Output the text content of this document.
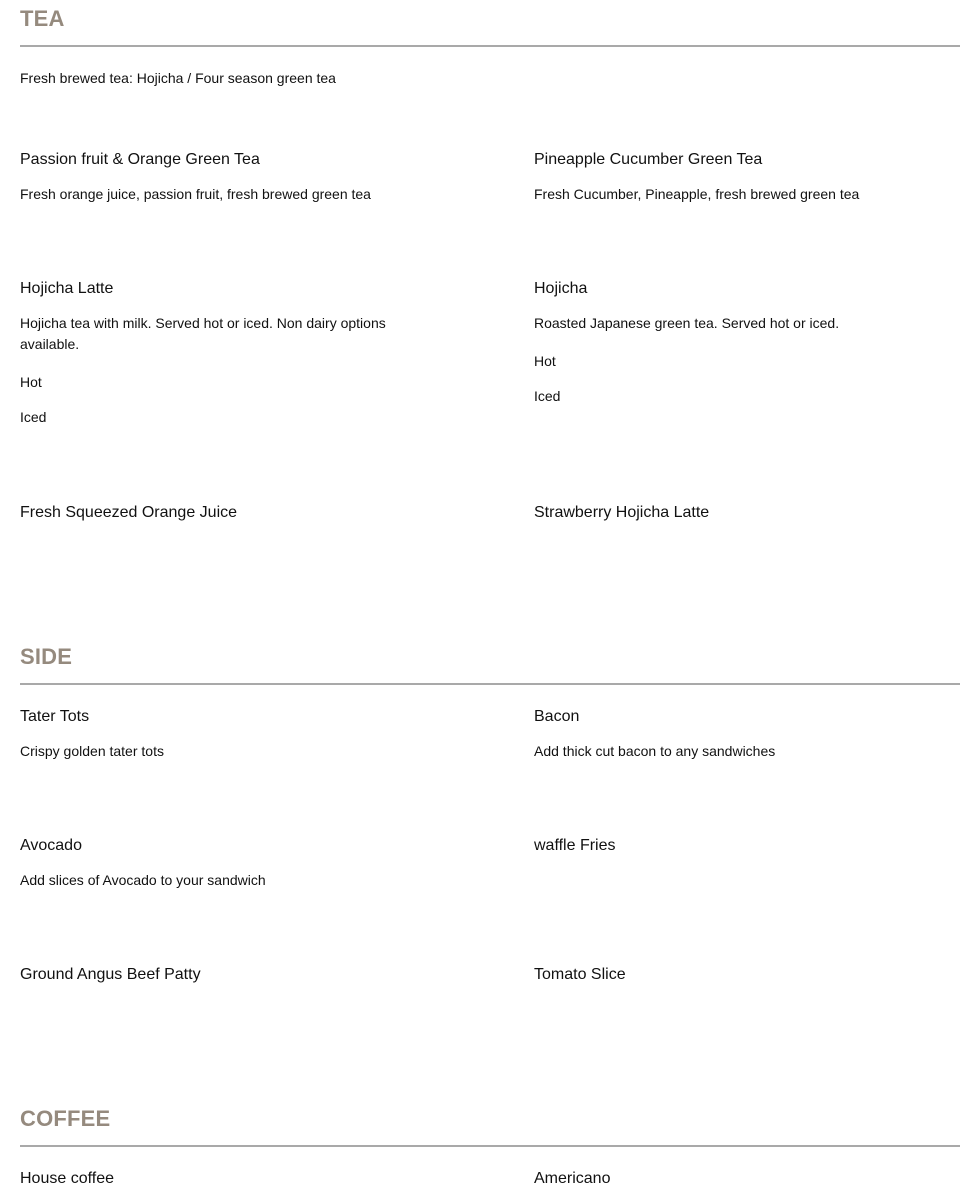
TEA
Fresh brewed tea: Hojicha / Four season green tea
Passion fruit & Orange Green Tea
Fresh orange juice, passion fruit, fresh brewed green tea
Pineapple Cucumber Green Tea
Fresh Cucumber, Pineapple, fresh brewed green tea
Hojicha Latte
Hojicha tea with milk. Served hot or iced. Non dairy options available.
Hot
Iced
Hojicha
Roasted Japanese green tea. Served hot or iced.
Hot
Iced
Fresh Squeezed Orange Juice	Strawberry Hojicha Latte
SIDE
Tater Tots
Crispy golden tater tots
Bacon
Add thick cut bacon to any sandwiches
Avocado
Add slices of Avocado to your sandwich
waffle Fries
Ground Angus Beef Patty	Tomato Slice
COFFEE
House coffee	Americano
